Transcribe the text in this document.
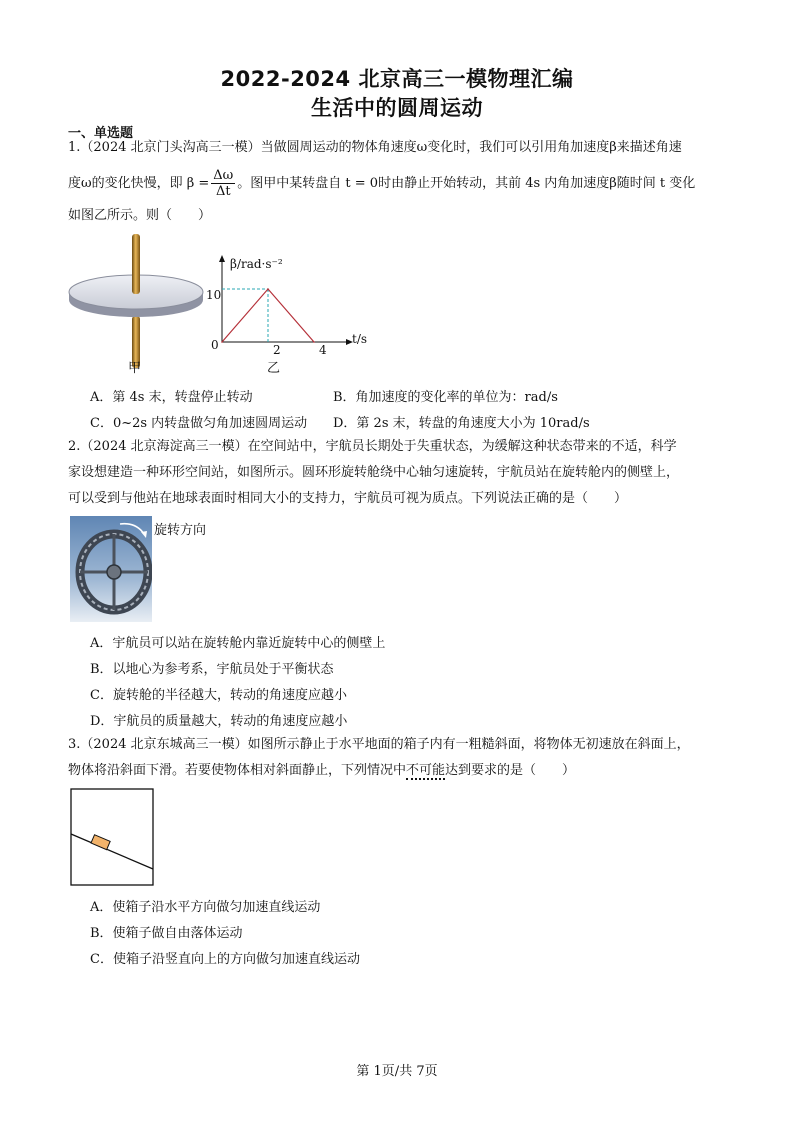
2022-2024 北京高三一模物理汇编
生活中的圆周运动
一、单选题
1.（2024 北京门头沟高三一模）当做圆周运动的物体角速度ω变化时，我们可以引用角加速度β来描述角速
度ω的变化快慢，即 $\beta = \frac{\Delta\omega}{\Delta t}$ 。图甲中某转盘自 t = 0时由静止开始转动，其前 4s 内角加速度β随时间 t 变化
如图乙所示。则（　　）
甲
β/rad·s⁻²
t/s
0
10
2	4
乙
A．第 4s 末，转盘停止转动	B．角加速度的变化率的单位为：rad/s
C．0~2s 内转盘做匀角加速圆周运动 D．第 2s 末，转盘的角速度大小为 10rad/s
2.（2024 北京海淀高三一模）在空间站中，宇航员长期处于失重状态，为缓解这种状态带来的不适，科学
家设想建造一种环形空间站，如图所示。圆环形旋转舱绕中心轴匀速旋转，宇航员站在旋转舱内的侧壁上，
可以受到与他站在地球表面时相同大小的支持力，宇航员可视为质点。下列说法正确的是（　　）
旋转方向
A．宇航员可以站在旋转舱内靠近旋转中心的侧壁上
B．以地心为参考系，宇航员处于平衡状态
C．旋转舱的半径越大，转动的角速度应越小
D．宇航员的质量越大，转动的角速度应越小
3.（2024 北京东城高三一模）如图所示静止于水平地面的箱子内有一粗糙斜面，将物体无初速放在斜面上，
物体将沿斜面下滑。若要使物体相对斜面静止，下列情况中不可能达到要求的是（　　）
A．使箱子沿水平方向做匀加速直线运动
B．使箱子做自由落体运动
C．使箱子沿竖直向上的方向做匀加速直线运动
第 1页/共 7页
